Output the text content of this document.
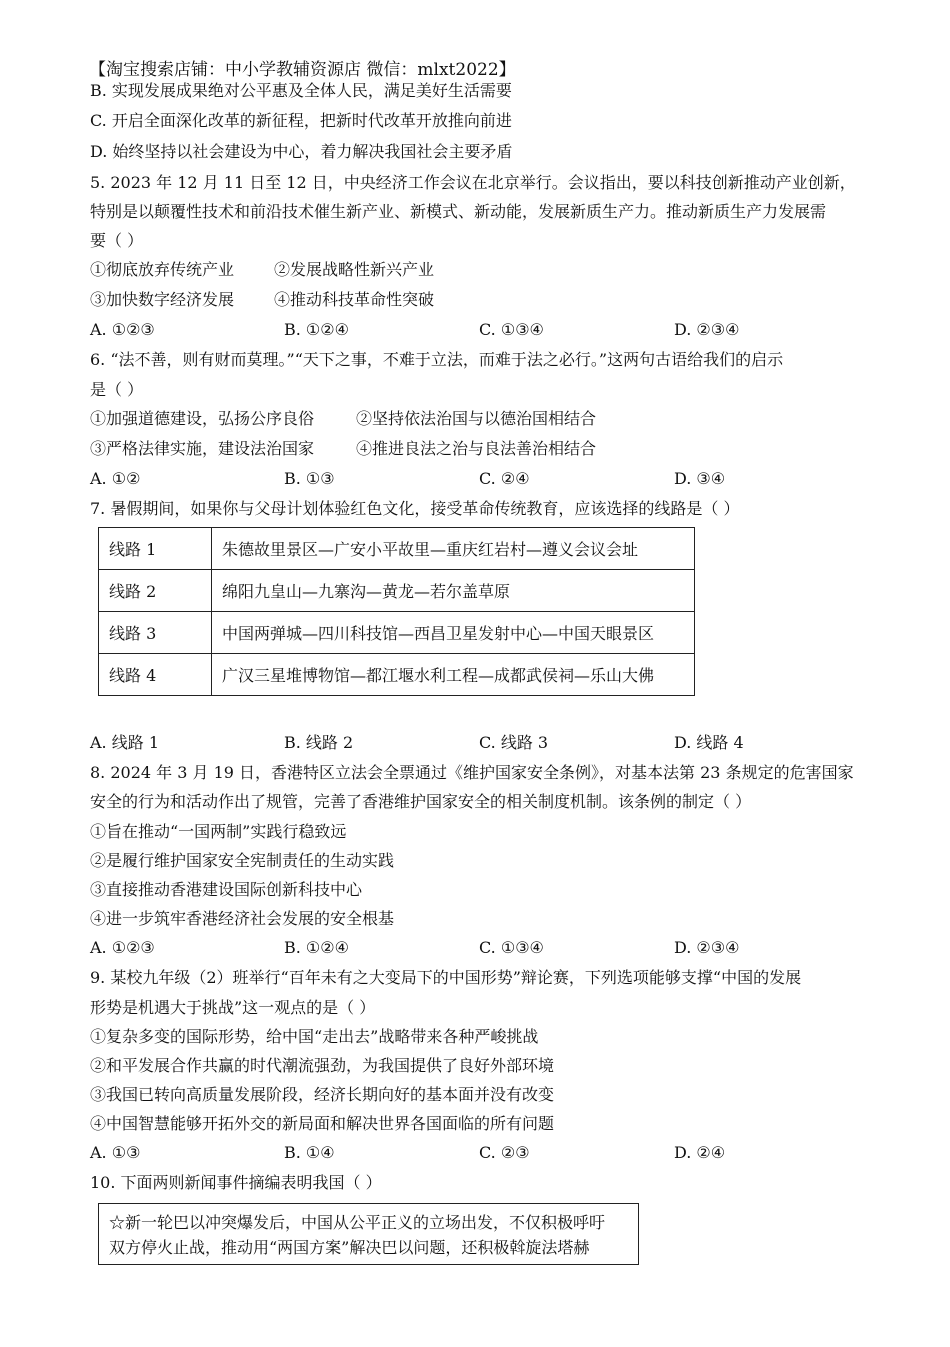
【淘宝搜索店铺：中小学教辅资源店 微信：mlxt2022】
B. 实现发展成果绝对公平惠及全体人民，满足美好生活需要
C. 开启全面深化改革的新征程，把新时代改革开放推向前进
D. 始终坚持以社会建设为中心，着力解决我国社会主要矛盾
5. 2023 年 12 月 11 日至 12 日，中央经济工作会议在北京举行。会议指出，要以科技创新推动产业创新，
特别是以颠覆性技术和前沿技术催生新产业、新模式、新动能，发展新质生产力。推动新质生产力发展需
要（ ）
①彻底放弃传统产业 ②发展战略性新兴产业
③加快数字经济发展 ④推动科技革命性突破
A. ①②③	B. ①②④	C. ①③④	D. ②③④
6. “法不善，则有财而莫理。”“天下之事，不难于立法，而难于法之必行。”这两句古语给我们的启示
是（ ）
①加强道德建设，弘扬公序良俗	②坚持依法治国与以德治国相结合
③严格法律实施，建设法治国家	④推进良法之治与良法善治相结合
A. ①②	B. ①③	C. ②④	D. ③④
7. 暑假期间，如果你与父母计划体验红色文化，接受革命传统教育，应该选择的线路是（ ）
线路 1	朱德故里景区—广安小平故里—重庆红岩村—遵义会议会址
线路 2	绵阳九皇山—九寨沟—黄龙—若尔盖草原
线路 3	中国两弹城—四川科技馆—西昌卫星发射中心—中国天眼景区
线路 4	广汉三星堆博物馆—都江堰水利工程—成都武侯祠—乐山大佛
A. 线路 1	B. 线路 2	C. 线路 3	D. 线路 4
8. 2024 年 3 月 19 日，香港特区立法会全票通过《维护国家安全条例》，对基本法第 23 条规定的危害国家
安全的行为和活动作出了规管，完善了香港维护国家安全的相关制度机制。该条例的制定（ ）
①旨在推动“一国两制”实践行稳致远
②是履行维护国家安全宪制责任的生动实践
③直接推动香港建设国际创新科技中心
④进一步筑牢香港经济社会发展的安全根基
A. ①②③	B. ①②④	C. ①③④	D. ②③④
9. 某校九年级（2）班举行“百年未有之大变局下的中国形势”辩论赛，下列选项能够支撑“中国的发展
形势是机遇大于挑战”这一观点的是（ ）
①复杂多变的国际形势，给中国“走出去”战略带来各种严峻挑战
②和平发展合作共赢的时代潮流强劲，为我国提供了良好外部环境
③我国已转向高质量发展阶段，经济长期向好的基本面并没有改变
④中国智慧能够开拓外交的新局面和解决世界各国面临的所有问题
A. ①③	B. ①④	C. ②③	D. ②④
10. 下面两则新闻事件摘编表明我国（ ）
☆新一轮巴以冲突爆发后，中国从公平正义的立场出发，不仅积极呼吁
双方停火止战，推动用“两国方案”解决巴以问题，还积极斡旋法塔赫
